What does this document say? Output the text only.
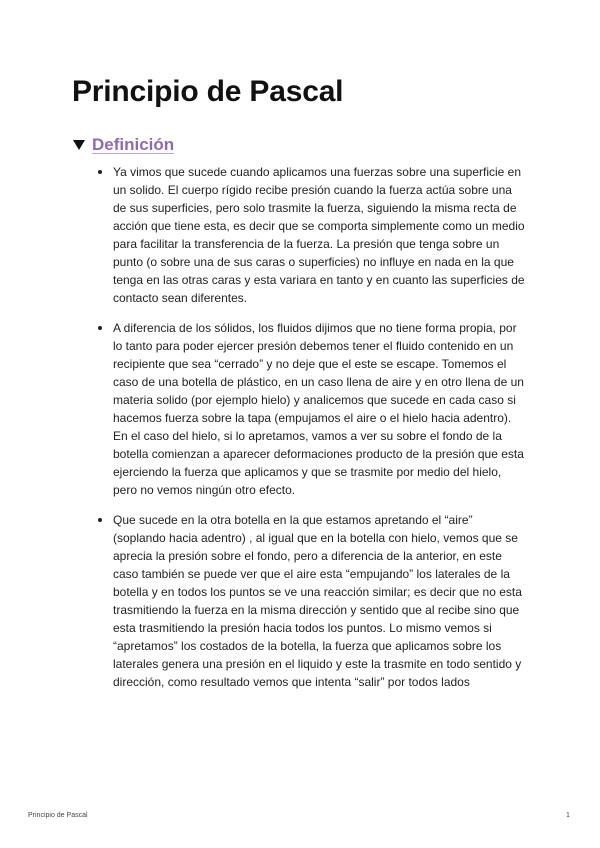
Principio de Pascal
Definición
Ya vimos que sucede cuando aplicamos una fuerzas sobre una superficie en un solido. El cuerpo rígido recibe presión cuando la fuerza actúa sobre una de sus superficies, pero solo trasmite la fuerza, siguiendo la misma recta de acción que tiene esta, es decir que se comporta simplemente como un medio para facilitar la transferencia de la fuerza. La presión que tenga sobre un punto (o sobre una de sus caras o superficies) no influye en nada en la que tenga en las otras caras y esta variara en tanto y en cuanto las superficies de contacto sean diferentes.
A diferencia de los sólidos, los fluidos dijimos que no tiene forma propia, por lo tanto para poder ejercer presión debemos tener el fluido contenido en un recipiente que sea “cerrado” y no deje que el este se escape. Tomemos el caso de una botella de plástico, en un caso llena de aire y en otro llena de un materia solido (por ejemplo hielo) y analicemos que sucede en cada caso si hacemos fuerza sobre la tapa (empujamos el aire o el hielo hacia adentro). En el caso del hielo, si lo apretamos, vamos a ver su sobre el fondo de la botella comienzan a aparecer deformaciones producto de la presión que esta ejerciendo la fuerza que aplicamos y que se trasmite por medio del hielo, pero no vemos ningún otro efecto.
Que sucede en la otra botella en la que estamos apretando el “aire” (soplando hacia adentro) , al igual que en la botella con hielo, vemos que se aprecia la presión sobre el fondo, pero a diferencia de la anterior, en este caso también se puede ver que el aire esta “empujando” los laterales de la botella y en todos los puntos se ve una reacción similar; es decir que no esta trasmitiendo la fuerza en la misma dirección y sentido que al recibe sino que esta trasmitiendo la presión hacia todos los puntos. Lo mismo vemos si “apretamos” los costados de la botella, la fuerza que aplicamos sobre los laterales genera una presión en el liquido y este la trasmite en todo sentido y dirección, como resultado vemos que intenta “salir” por todos lados
Principio de Pascal	1
